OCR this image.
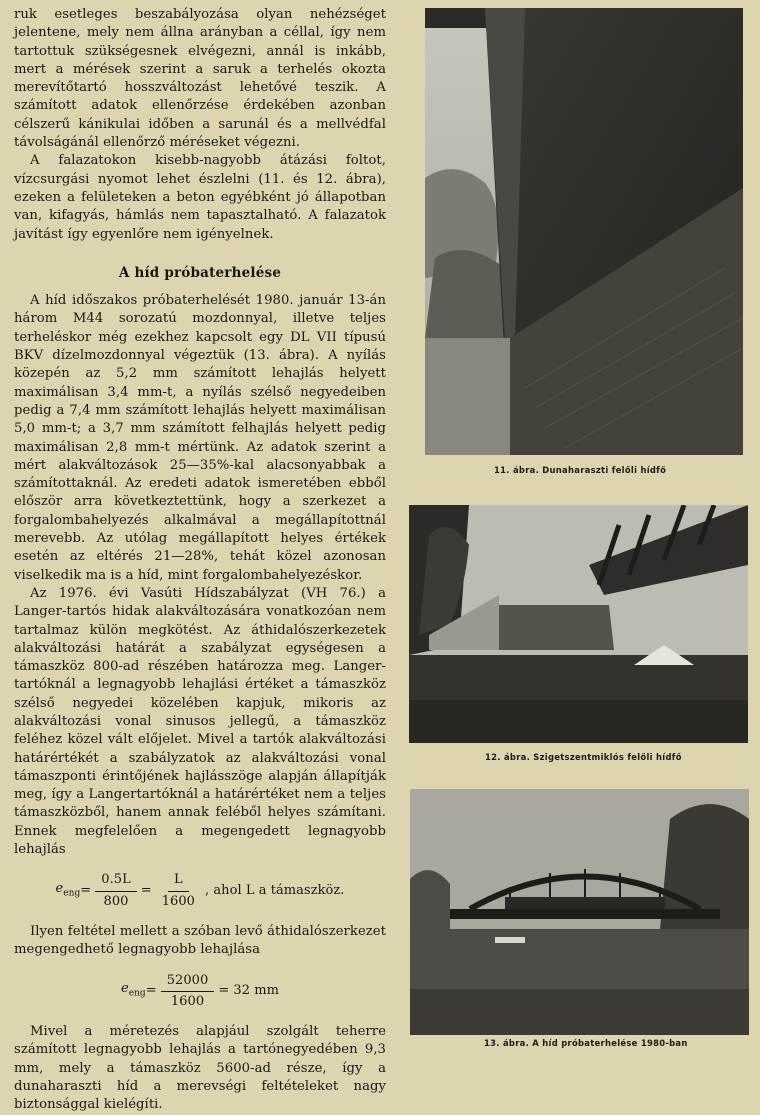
ruk esetleges beszabályozása olyan nehézséget jelentene, mely nem állna arányban a céllal, így nem tartottuk szükségesnek elvégezni, annál is inkább, mert a mérések szerint a saruk a terhelés okozta merevítőtartó hosszváltozást lehetővé teszik. A számított adatok ellenőrzése érdekében azonban célszerű kánikulai időben a sarunál és a mellvédfal távolságánál ellenőrző méréseket végezni.

A falazatokon kisebb-nagyobb átázási foltot, vízcsurgási nyomot lehet észlelni (11. és 12. ábra), ezeken a felületeken a beton egyébként jó állapotban van, kifagyás, hámlás nem tapasztalható. A falazatok javítást így egyenlőre nem igényelnek.

A híd próbaterhelése

A híd időszakos próbaterhelését 1980. január 13-án három M44 sorozatú mozdonnyal, illetve teljes terheléskor még ezekhez kapcsolt egy DL VII típusú BKV dízelmozdonnyal végeztük (13. ábra). A nyílás közepén az 5,2 mm számított lehajlás helyett maximálisan 3,4 mm-t, a nyílás szélső negyedeiben pedig a 7,4 mm számított lehajlás helyett maximálisan 5,0 mm-t; a 3,7 mm számított felhajlás helyett pedig maximálisan 2,8 mm-t mértünk. Az adatok szerint a mért alakváltozások 25—35%-kal alacsonyabbak a számítottaknál. Az eredeti adatok ismeretében ebből először arra következtettünk, hogy a szerkezet a forgalombahelyezés alkalmával a megállapítottnál merevebb. Az utólag megállapított helyes értékek esetén az eltérés 21—28%, tehát közel azonosan viselkedik ma is a híd, mint forgalombahelyezéskor.

Az 1976. évi Vasúti Hídszabályzat (VH 76.) a Langer-tartós hidak alakváltozására vonatkozóan nem tartalmaz külön megkötést. Az áthidalószerkezetek alakváltozási határát a szabályzat egységesen a támaszköz 800-ad részében határozza meg. Langer-tartóknál a legnagyobb lehajlási értéket a támaszköz szélső negyedei közelében kapjuk, mikoris az alakváltozási vonal sinusos jellegű, a támaszköz feléhez közel vált előjelet. Mivel a tartók alakváltozási határértékét a szabályzatok az alakváltozási vonal támaszponti érintőjének hajlásszöge alapján állapítják meg, így a Langertartóknál a határértéket nem a teljes támaszközből, hanem annak feléből helyes számítani. Ennek megfelelően a megengedett legnagyobb lehajlás

$e_{eng} = \frac{0.5L}{800} = \frac{L}{1600}$ , ahol L a támaszköz.

Ilyen feltétel mellett a szóban levő áthidalószerkezet megengedhető legnagyobb lehajlása

$e_{eng} = \frac{52000}{1600} = 32$ mm

Mivel a méretezés alapjául szolgált teherre számított legnagyobb lehajlás a tartónegyedében 9,3 mm, mely a támaszköz 5600-ad része, így a dunaharaszti híd a merevségi feltételeket nagy biztonsággal kielégíti.

11. ábra. Dunaharaszti felőli hídfő
12. ábra. Szigetszentmiklós felőli hídfő
13. ábra. A híd próbaterhelése 1980-ban
